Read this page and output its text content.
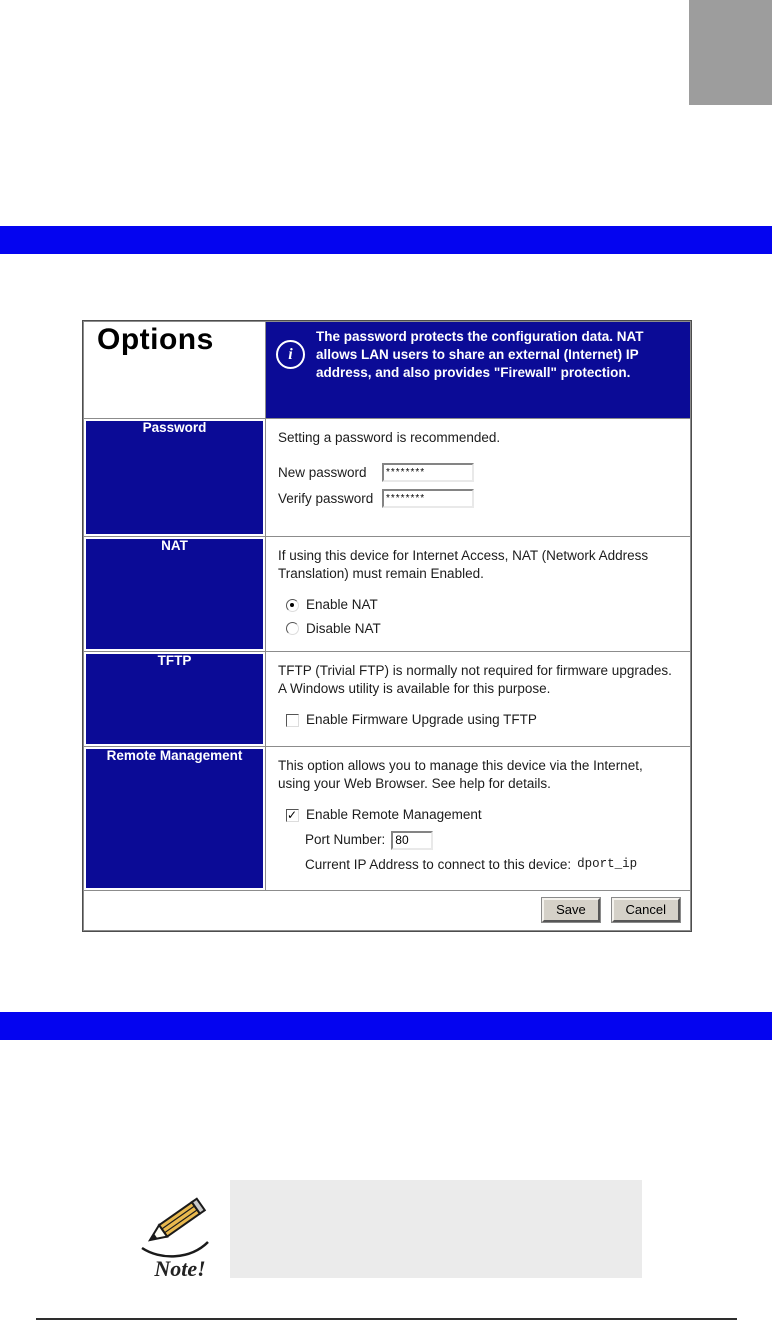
Options	i
The password protects the configuration data. NAT allows LAN users to share an external (Internet) IP address, and also provides "Firewall" protection.

Password	Setting a password is recommended.
New password
********
Verify password
********

NAT	If using this device for Internet Access, NAT (Network Address Translation) must remain Enabled.
Enable NAT
Disable NAT

TFTP	TFTP (Trivial FTP) is normally not required for firmware upgrades. A Windows utility is available for this purpose.
Enable Firmware Upgrade using TFTP

Remote Management	This option allows you to manage this device via the Internet, using your Web Browser. See help for details.
✓
Enable Remote Management
Port Number:
80
Current IP Address to connect to this device: dport_ip

Save Cancel	
Note!
